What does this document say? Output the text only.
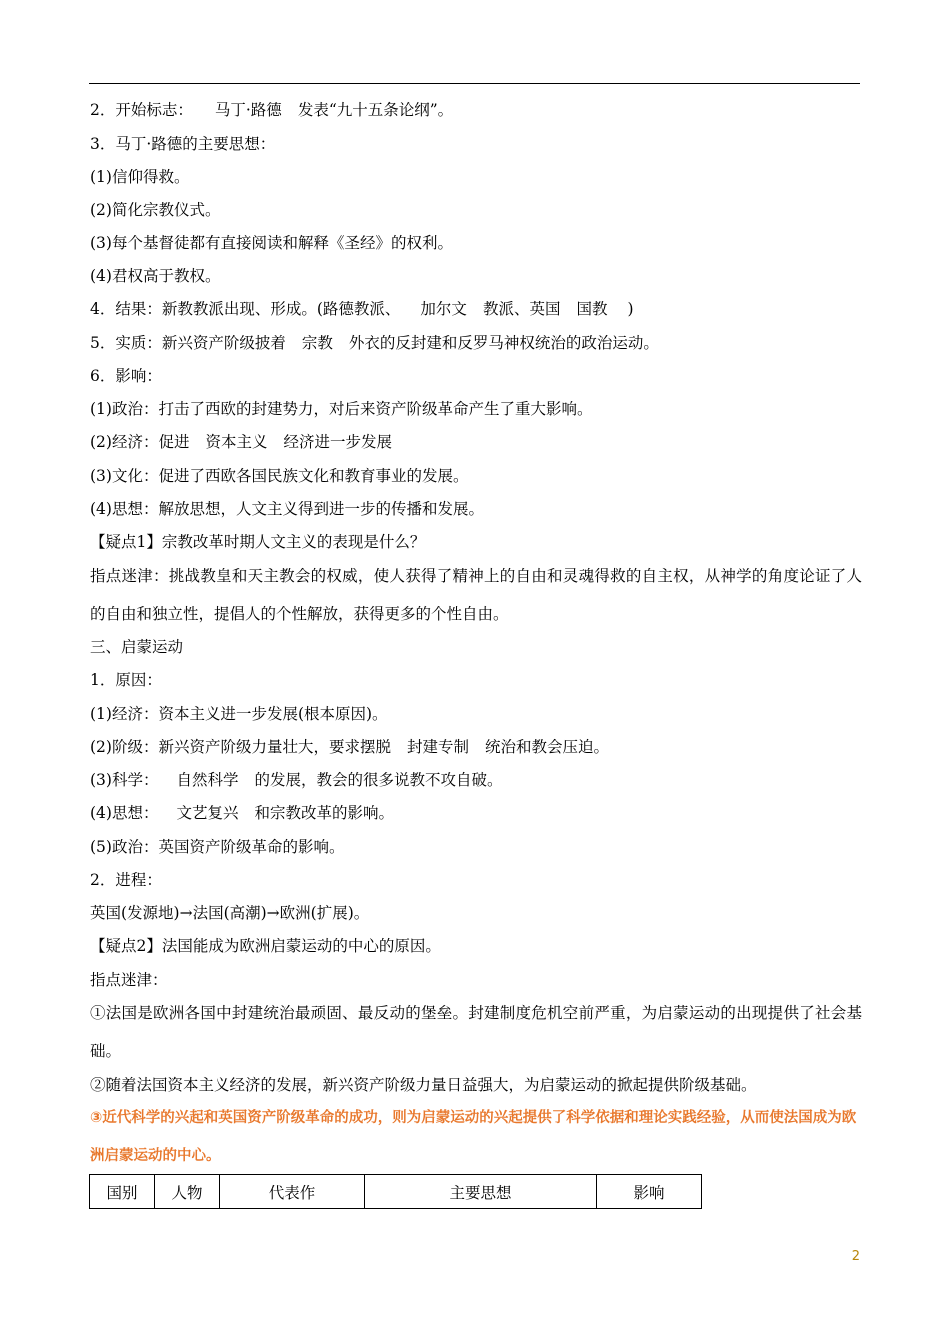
2．开始标志： 马丁·路德 发表“九十五条论纲”。
3．马丁·路德的主要思想：
(1)信仰得救。
(2)简化宗教仪式。
(3)每个基督徒都有直接阅读和解释《圣经》的权利。
(4)君权高于教权。
4．结果：新教教派出现、形成。(路德教派、 加尔文 教派、英国 国教 )
5．实质：新兴资产阶级披着 宗教 外衣的反封建和反罗马神权统治的政治运动。
6．影响：
(1)政治：打击了西欧的封建势力，对后来资产阶级革命产生了重大影响。
(2)经济：促进 资本主义 经济进一步发展
(3)文化：促进了西欧各国民族文化和教育事业的发展。
(4)思想：解放思想，人文主义得到进一步的传播和发展。
【疑点1】宗教改革时期人文主义的表现是什么？
指点迷津：挑战教皇和天主教会的权威，使人获得了精神上的自由和灵魂得救的自主权，从神学的角度论证了人的自由和独立性，提倡人的个性解放，获得更多的个性自由。
三、启蒙运动
1．原因：
(1)经济：资本主义进一步发展(根本原因)。
(2)阶级：新兴资产阶级力量壮大，要求摆脱 封建专制 统治和教会压迫。
(3)科学： 自然科学 的发展，教会的很多说教不攻自破。
(4)思想： 文艺复兴 和宗教改革的影响。
(5)政治：英国资产阶级革命的影响。
2．进程：
英国(发源地)→法国(高潮)→欧洲(扩展)。
【疑点2】法国能成为欧洲启蒙运动的中心的原因。
指点迷津：
①法国是欧洲各国中封建统治最顽固、最反动的堡垒。封建制度危机空前严重，为启蒙运动的出现提供了社会基础。
②随着法国资本主义经济的发展，新兴资产阶级力量日益强大，为启蒙运动的掀起提供阶级基础。
③近代科学的兴起和英国资产阶级革命的成功，则为启蒙运动的兴起提供了科学依据和理论实践经验，从而使法国成为欧洲启蒙运动的中心。
国别	人物	代表作	主要思想	影响
2
